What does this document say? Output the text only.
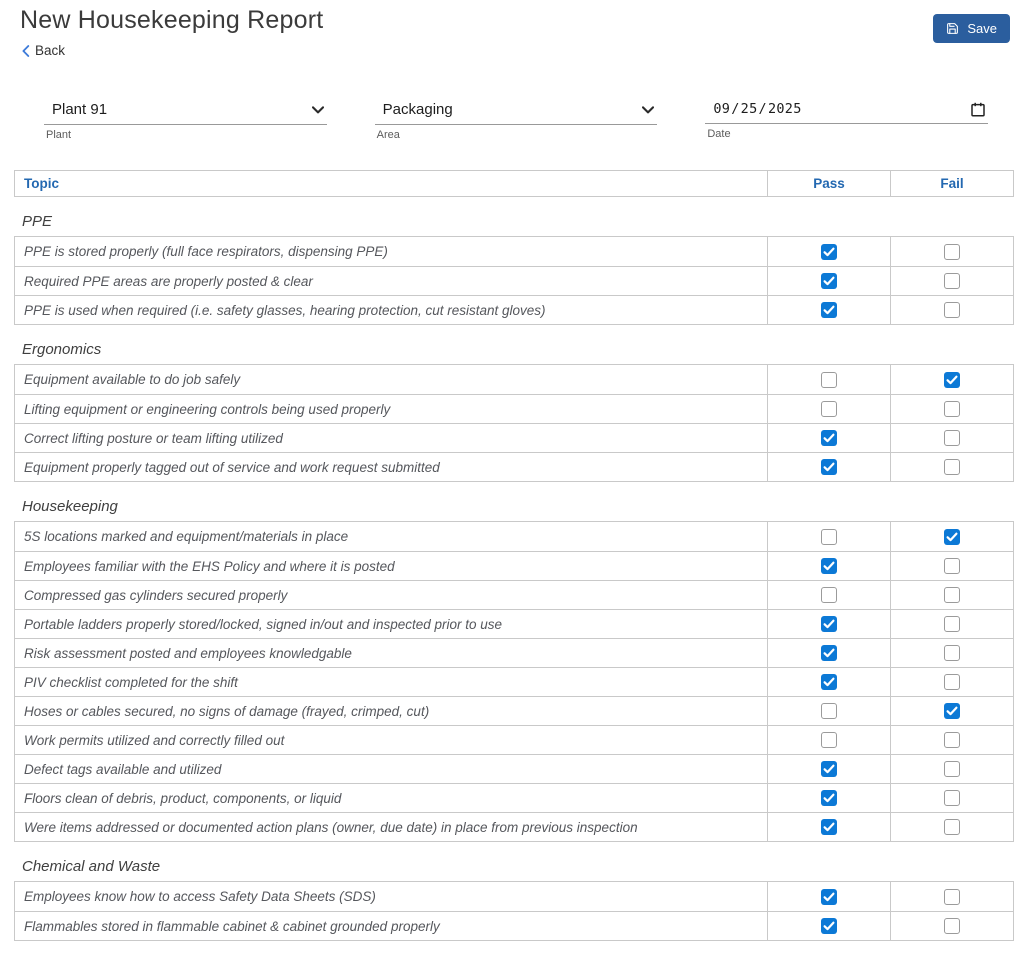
New Housekeeping Report
Back
Save
Plant 91
Plant
Packaging
Area
09/25/2025
Date
Topic	Pass	Fail
PPE
PPE is stored properly (full face respirators, dispensing PPE)
Required PPE areas are properly posted & clear
PPE is used when required (i.e. safety glasses, hearing protection, cut resistant gloves)
Ergonomics
Equipment available to do job safely
Lifting equipment or engineering controls being used properly
Correct lifting posture or team lifting utilized
Equipment properly tagged out of service and work request submitted
Housekeeping
5S locations marked and equipment/materials in place
Employees familiar with the EHS Policy and where it is posted
Compressed gas cylinders secured properly
Portable ladders properly stored/locked, signed in/out and inspected prior to use
Risk assessment posted and employees knowledgable
PIV checklist completed for the shift
Hoses or cables secured, no signs of damage (frayed, crimped, cut)
Work permits utilized and correctly filled out
Defect tags available and utilized
Floors clean of debris, product, components, or liquid
Were items addressed or documented action plans (owner, due date) in place from previous inspection
Chemical and Waste
Employees know how to access Safety Data Sheets (SDS)
Flammables stored in flammable cabinet & cabinet grounded properly
